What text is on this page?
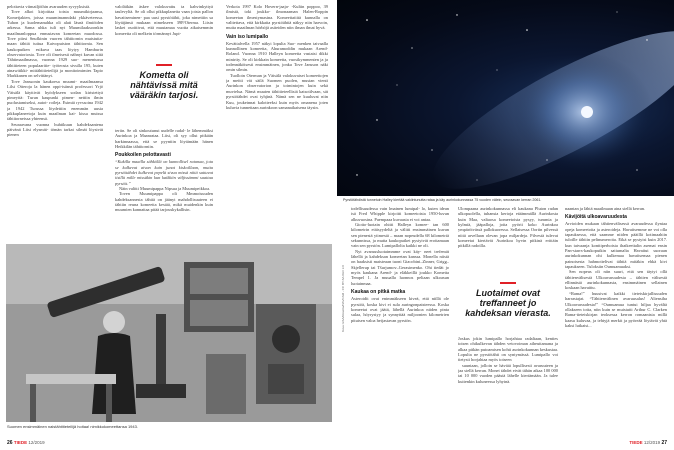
pelottavia viimailjöihin avaruuden syvyyksistä.

Tove alkoi kirjoittaa toista muumikirjaansa, Kometjakten, joissa muumimanndaki ykkäveteessa. Tuhon ja kuolemanuhka oli alati läsnä ilmiöiden arkessa. Sama uhka tuli nyt Muumilaaksoonkin maailmanloppua ennustavan komeetan muodossa. Tove piirsi Snufkinin vuoren tähtitornin muistutta- maan tähtiä tuttua Kaivopuiston tähtitornia. Sen kaukoputken esikuva taas löytyy Hamburin observatoriosta. Tove oli ilmeisesti nähnyt kuvan siitä Tähtimaailmassa, vuonna 1929 suo- menentussa tähtitieteen populaaritie- työteosta sivulla 195, kuten ainawitikki- mittähtitieteilijä ja monitoimimies Tapio Markkanen on selvittänyt.

Tove Janssonin kaukoesa muumi- maailmaansa Lilsi Otteroja la hänen oppi-isänsä professori Yrjö Väisälä käyttivät hyödykseen sodan kiristettyä pimeyttä: Turun kaupunki pimen- nettiin ilmin puolustamiseksi, autot- roileja. Esimiä ryvssoina 1942 ja 1942 Turussa löydettiin enemmän uusia pikkuplaneetoja kuin maailman kai- kissa muissa tähtitorneissa yhteensä.

Seuraavana vuonna huhtikuun kahdeksantena päivänä Liisi elysmät- tömän tarkat silmät löysivät pienen

valoläikän äskee valokuvattu ta kahvinkyttyä taulevyltä. Se oli ollut pikkuplanetta vaan joista pallon havaitseminen- paa uusi pyrstötähti, joka nimettiin sa löytäjänsä mukaan nimekseen 39P/Oterma. Liisin lasket osoittivat, että muutamaa vuotta aikaisemmin komeetta oli melkein törmännyt Jupi-

Kometta oli nähtävissä mitä vääräkin tarjosi.

teriin. Se oli sinkoutunut uudelle radal- le lähemmäksi Aurinkoa ja Maanrataa. Liisi, oli syy ollut pitkään harkinnaassa, että se pyyntiin löytämään hänen Heikkilän tähtitorniin.

Poukkoilen pelottavasti

“Kukilla maailla sähköllä on kunnollisel ratanaa, jota se kulkevat aivan kuin junat kiskoillaan, mutta pyrstötähdet kulkevat pepelä sivua missä niitä sattuvat iisillä mille missäkin kun kaikkiin väljissämmi saattaa pyrstöt.”

Näin valitti Muumipappa Nipsua ja Muumipeikkoa.

Toven Muumipappa oli Mmmoisuuden kahdeksannesta tähtiä on jäänyt mahdollisuuteen ei tähtiin reuna komeetta kestää, mikä muidenkin kuin muumien kannattaa pitää tarjouskykallisin.

Verkota 1997 Kolo Hovern-jaaja- -Kultin poppoo, 39 ilmistä, toki joukko- ilmonaaman Halen-Roppin komeetan ilmestymasina. Komeettatiitä kunnalla on valitettava, että kirkkaita pyrstöähtiä näkyy niin harvoin, mutta maailman hörböjä asiteiden niin ilman ilmat hyvä.

Vain iso lumipallo

Kevättalvella 1957 näkyi lopulta Suo- menken taivaalla kunnollinen komeetta, Ahuramoddin mukaan Arend- Roland. Vuonna 1910 Halleyn komeetta vastaisi dikki minirtty. Se oli kirkkain komeetta, vuosikymmenten ja ja todennäköisesti ensimmäinen, jonka Tove Jansson näki omin silmin.

Tuolloin Oterman ja Väisälä valokuvaiset komeettojen ja meitti vät säilä Suomen puolen, mustan vienti Aurinkon observatorion ja toimintojen kuin sekä muvielua. Nämä muuten tähtitieteellisiä katsotilvaan, sät pyrstötähdet ovat tyhjinä. Nämä sen ne kuuluvat niin Kuu, joukeinnat kalotteeksi kuin myös omanena joten kuluvia tunnettaan aurinkoon samanaikaisena täysin.

Suomen ensimmäinen naistähtitieteilijä hoitaa! nimikkokomeettansa 1943.
26 TIEDE 12/2019
Pyrstötähdistä tunnetuin Halley kiertää vakiintunutta rataa ja käy aurinkokunnassa 75 vuoden välein, seuraavan kerran 2061.
Kuva: ESA/Rosetta/NAVCAM - CC BY-SA IGO 3.0

todellisuudessa vain lmainen lumipal- lo, kuten idean isä Fred Whipple kirjoitti komeetoista 1950-luvun alkuvuosina. Paempaaa kuvaasta ei voi antaa.

Giotto-luotain ohitti Halleyn komee- tan 600 kilometrin etäisyydeltä ja välitti ensimmäinen kuvan sen pienestä ytimestä – maan nopeudella 68 kilometriä sekunnissa, ja mutta kaukoputket pystyivät erottamaan vain sen pyrstön. Lumipallolta kaikki ne oli.

Nyt avaruusluotaimmme ovat käy- neet trefemät lähellä ja kahdeksan komeetan kanssa. Monella niistä on haaksisti maisteaan tuoni Giacobini–Zinner, Grigg–Skjellerup tai Tšurjumov–Gerasimenko. Ohi tiedät jo myös kaukana Arend- ja eläkkeillä joukko Kometta Tempel 1. Ja muualla luonnos peliaan ulkoasun luotainmaa.

Kaukaa on pitkä matka

Asteroidit ovat enimmäkseen kiveä, että niillä ole pyrstöä, koska kivi ei sula auringonpaisteessa. Koska komeetat ovat jäätä, lähellä Aurinkoa niiden pinta sulaa, höyrystyy ja synnyttää miljoonien kilometrien pituisen valoa heijastavan pyrstön.

Ulompaana aurinkokunnassa eli kaukana Pluton radan ulkopuolella, tuhansia kertoja etäämmällä Aurinkosta kuin Maa, valtaosa komeetoista pysyy, tummia ja kylmiä, jääpalloja, joita pyörii koko Aurinkoa ympäröivässä pallokuoressa. Sellaisessa Oortin pilvessä niitä arvellaan olevan jopa miljardeja. Pilvestä tulevat komeetat kiertävät Aurinkoa hyvin pitkinä erittäin pitkillä radoilla.

Luotaimet ovat treffanneet jo kahdeksan vierasta.

Joskus jokin lumipallo horjahtaa radaltaan, kenties toisen ohikulkevan tähden vetovoiman aiheuttamana ja alkaa pitkän putoamisen kohti aurinkokunnan keskustaa. Lopulta ne pyrstötähti on syntymässä. Lumipallo voi tietysti horjahtaa myös toiseen

suuntaan, jolloin se häviää lopullisesti avaruuteen ja jaa siellä kerran. Monet tähdet eivät tähän aikaa 100 000 tai 10 000 vuoden päästä lähelle kiertämään. Ja tulee kuitenkin kuluneessa lyhyinä.

naantan ja lähtä maailmaan aina siellä kerran.

Kävijöitä ulkoavaruudesta

Arvioiden mukaan tähtienvälisessä avaruudessa ilyniaa opeja komeetoita ja asteroideja. Havaitsemme ne voi olla tapauksessa, että saamme niiden pääillä kotimaahiin tuloille tähtiin pelinumeroita. Eikä se pystyisi kuin 2017. kun taivaanja konttiperhoista ihaikeettalin asemat ensin Pan-starrs-kaukoputkin sattumalta Havaitut suoraan aurinkokunnan ohi kulkemaa havaitsemaa pienen painoisesta hahmottelivat tähtiä mitäkin ehkä kivi tapaukseen. Tuloksiin Oumuamuaksi.

Sen nopeus oli niin suuri, että sen täytyi ollä tähtienvälisestä Ulkoavaruudesta – tähtien välisestä ellinnästä aurinkokunnasta, ensimmäinen sellainen koskaan havaittu.

“Rama!” huusivat kaikki tieteiskirjallisuuden harrastajat. “Tähtienvälinen avaruusalus! Aliensiha Ulkoavaruudesta!” “Oumuamua tuntui hiljaa hyvältä ollakseen totta, niin kuin se muistutti Arthur C. Clarken Rama-tieteiskirjan teoksessa kerron romaanista millä kaasu kuluvaa, ja tehtyjä merkit ja pyöreää löytävät yhtä kaksi lutkaisi...

TIEDE 12/2019 27
